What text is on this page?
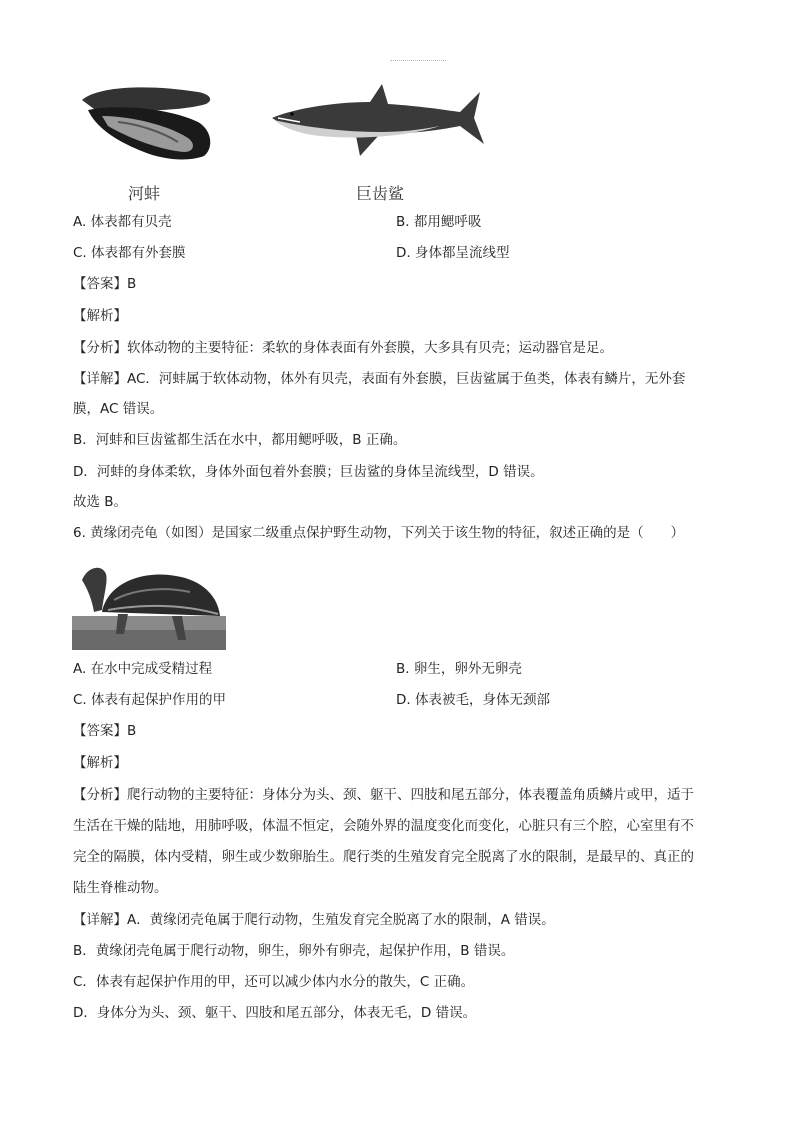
河蚌	巨齿鲨
A. 体表都有贝壳	B. 都用鳃呼吸
C. 体表都有外套膜	D. 身体都呈流线型
【答案】B
【解析】
【分析】软体动物的主要特征：柔软的身体表面有外套膜，大多具有贝壳；运动器官是足。
【详解】AC．河蚌属于软体动物，体外有贝壳，表面有外套膜，巨齿鲨属于鱼类，体表有鳞片，无外套
膜，AC 错误。
B．河蚌和巨齿鲨都生活在水中，都用鳃呼吸，B 正确。
D．河蚌的身体柔软，身体外面包着外套膜；巨齿鲨的身体呈流线型，D 错误。
故选 B。
6. 黄缘闭壳龟（如图）是国家二级重点保护野生动物，下列关于该生物的特征，叙述正确的是（　　）
A. 在水中完成受精过程	B. 卵生，卵外无卵壳
C. 体表有起保护作用的甲	D. 体表被毛，身体无颈部
【答案】B
【解析】
【分析】爬行动物的主要特征：身体分为头、颈、躯干、四肢和尾五部分，体表覆盖角质鳞片或甲，适于
生活在干燥的陆地，用肺呼吸，体温不恒定，会随外界的温度变化而变化，心脏只有三个腔，心室里有不
完全的隔膜，体内受精，卵生或少数卵胎生。爬行类的生殖发育完全脱离了水的限制，是最早的、真正的
陆生脊椎动物。
【详解】A．黄缘闭壳龟属于爬行动物，生殖发育完全脱离了水的限制，A 错误。
B．黄缘闭壳龟属于爬行动物，卵生，卵外有卵壳，起保护作用，B 错误。
C．体表有起保护作用的甲，还可以减少体内水分的散失，C 正确。
D．身体分为头、颈、躯干、四肢和尾五部分，体表无毛，D 错误。
